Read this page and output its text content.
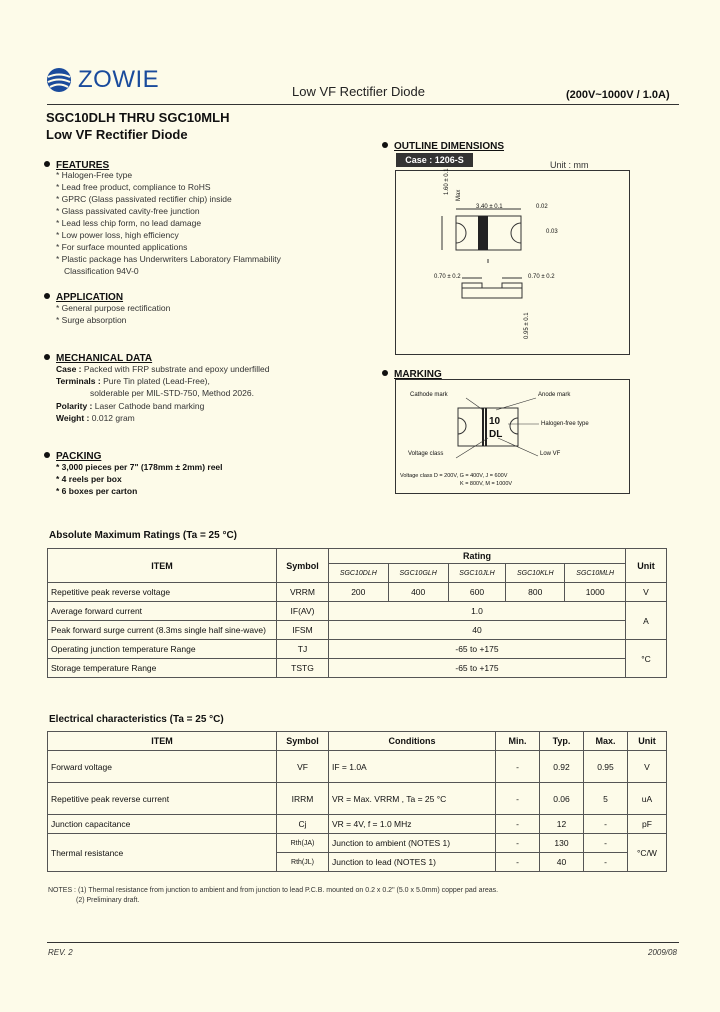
ZOWIE	Low VF Rectifier Diode	(200V~1000V / 1.0A)
SGC10DLH THRU SGC10MLH
Low VF Rectifier Diode
FEATURES
* Halogen-Free type
* Lead free product, compliance to RoHS
* GPRC (Glass passivated rectifier chip) inside
* Glass passivated cavity-free junction
* Lead less chip form, no lead damage
* Low power loss, high efficiency
* For surface mounted applications
* Plastic package has Underwriters Laboratory Flammability
Classification 94V-0
APPLICATION
* General purpose rectification
* Surge absorption
MECHANICAL DATA
Case : Packed with FRP substrate and epoxy underfilled
Terminals : Pure Tin plated (Lead-Free),
solderable per MIL-STD-750, Method 2026.
Polarity : Laser Cathode band marking
Weight : 0.012 gram
PACKING
* 3,000 pieces per 7" (178mm ± 2mm) reel
* 4 reels per box
* 6 boxes per carton
OUTLINE DIMENSIONS
Case : 1206-S	Unit : mm
1.60 ± 0.1
Max
3.40 ± 0.1	0.02
0.03
0.70 ± 0.2	0.70 ± 0.2
0.95 ± 0.1
MARKING
Cathode mark	Anode mark
Halogen-free type
Voltage class	Low VF
10
DL
Voltage class D = 200V, G = 400V, J = 600V
K = 800V, M = 1000V
Absolute Maximum Ratings (Ta = 25 °C)
ITEM	Symbol	Rating					Unit
		SGC10DLH	SGC10GLH	SGC10JLH	SGC10KLH	SGC10MLH	
Repetitive peak reverse voltage	VRRM	200	400	600	800	1000	V
Average forward current	IF(AV)	1.0					A
Peak forward surge current (8.3ms single half sine-wave)	IFSM	40					
Operating junction temperature Range	TJ	-65 to +175					°C
Storage temperature Range	TSTG	-65 to +175					
Electrical characteristics (Ta = 25 °C)
ITEM	Symbol	Conditions	Min.	Typ.	Max.	Unit
Forward voltage	VF	IF = 1.0A	-	0.92	0.95	V
Repetitive peak reverse current	IRRM	VR = Max. VRRM , Ta = 25 °C	-	0.06	5	uA
Junction capacitance	Cj	VR = 4V, f = 1.0 MHz	-	12	-	pF
Thermal resistance	Rth(JA)	Junction to ambient (NOTES 1)	-	130	-	°C/W
	Rth(JL)	Junction to lead (NOTES 1)	-	40	-	
NOTES : (1) Thermal resistance from junction to ambient and from junction to lead P.C.B. mounted on 0.2 x 0.2" (5.0 x 5.0mm) copper pad areas.
(2) Preliminary draft.
REV. 2	2009/08
